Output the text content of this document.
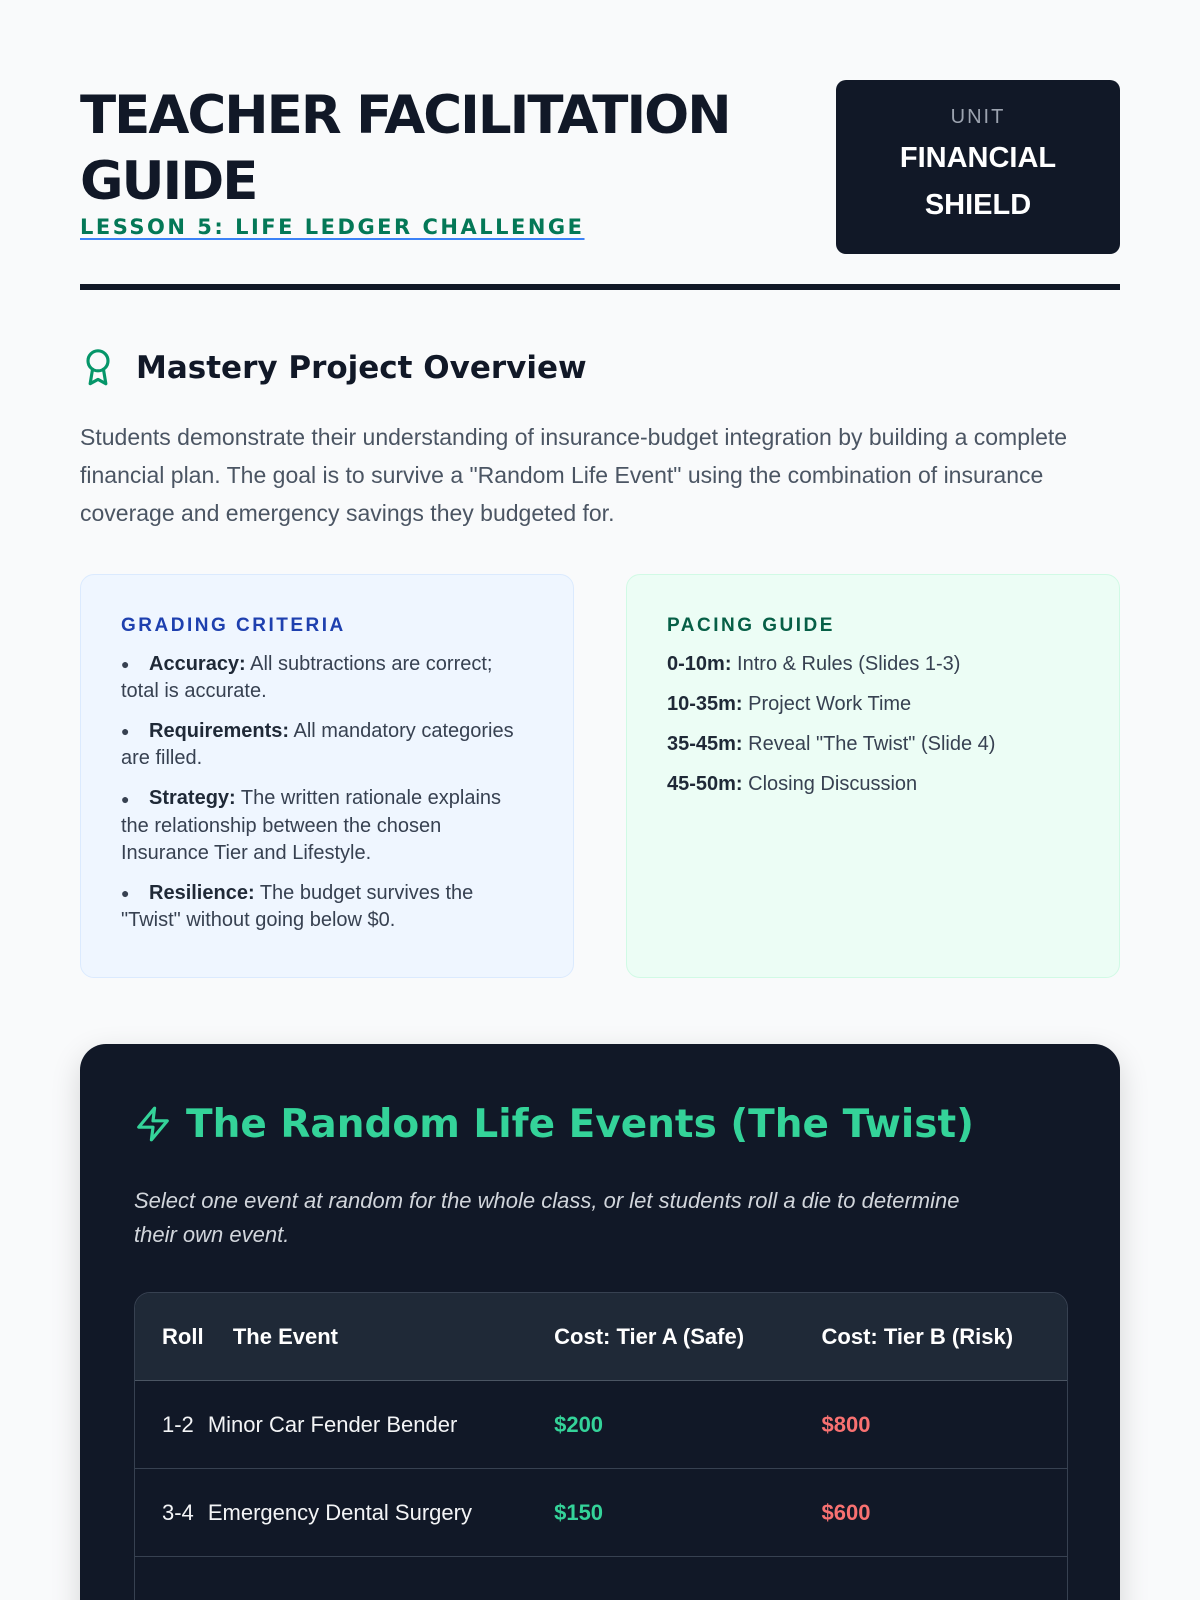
TEACHER FACILITATION
GUIDE
LESSON 5: LIFE LEDGER CHALLENGE
UNIT
FINANCIAL
SHIELD
Mastery Project Overview

Students demonstrate their understanding of insurance-budget integration by building a complete financial plan. The goal is to survive a "Random Life Event" using the combination of insurance coverage and emergency savings they budgeted for.

GRADING CRITERIA
● Accuracy: All subtractions are correct; total is accurate.
● Requirements: All mandatory categories are filled.
● Strategy: The written rationale explains the relationship between the chosen Insurance Tier and Lifestyle.
● Resilience: The budget survives the "Twist" without going below $0.
PACING GUIDE
0-10m: Intro & Rules (Slides 1-3)
10-35m: Project Work Time
35-45m: Reveal "The Twist" (Slide 4)
45-50m: Closing Discussion
The Random Life Events (The Twist)

Select one event at random for the whole class, or let students roll a die to determine their own event.

Roll	The Event	Cost: Tier A (Safe)	Cost: Tier B (Risk)
1-2 Minor Car Fender Bender	$200	$800
3-4 Emergency Dental Surgery	$150	$600
